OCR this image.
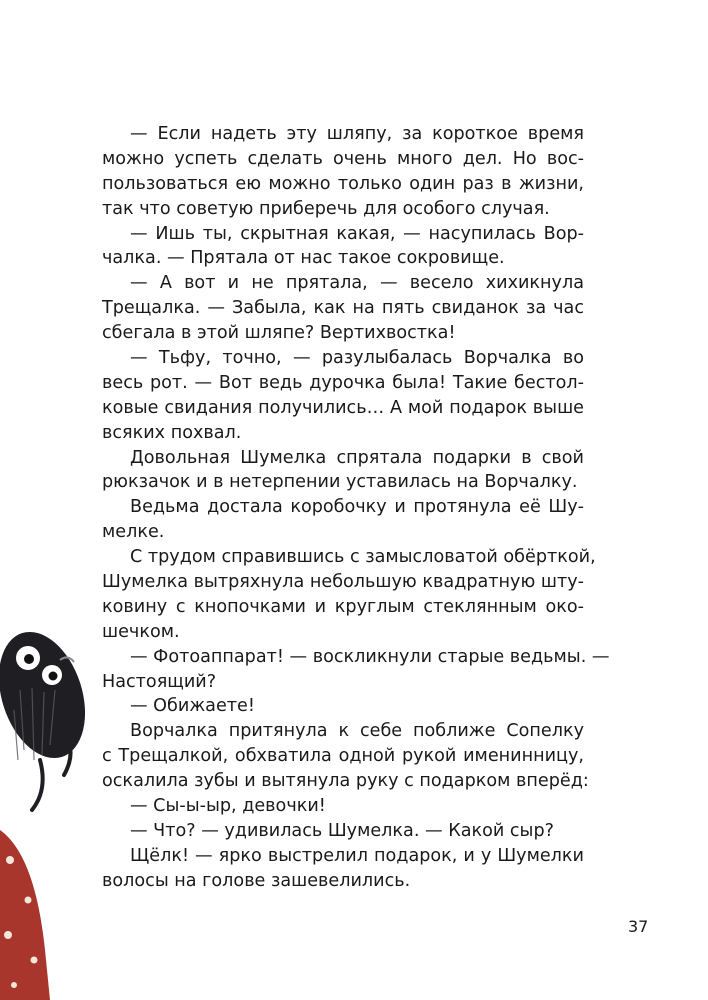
— Если надеть эту шляпу, за короткое время
можно успеть сделать очень много дел. Но вос-
пользоваться ею можно только один раз в жизни,
так что советую приберечь для особого случая.
— Ишь ты, скрытная какая, — насупилась Вор-
чалка. — Прятала от нас такое сокровище.
— А вот и не прятала, — весело хихикнула
Трещалка. — Забыла, как на пять свиданок за час
сбегала в этой шляпе? Вертихвостка!
— Тьфу, точно, — разулыбалась Ворчалка во
весь рот. — Вот ведь дурочка была! Такие бестол-
ковые свидания получились… А мой подарок выше
всяких похвал.
Довольная Шумелка спрятала подарки в свой
рюкзачок и в нетерпении уставилась на Ворчалку.
Ведьма достала коробочку и протянула её Шу-
мелке.
С трудом справившись с замысловатой обёрткой,
Шумелка вытряхнула небольшую квадратную шту-
ковину с кнопочками и круглым стеклянным око-
шечком.
— Фотоаппарат! — воскликнули старые ведьмы. —
Настоящий?
— Обижаете!
Ворчалка притянула к себе поближе Сопелку
с Трещалкой, обхватила одной рукой именинницу,
оскалила зубы и вытянула руку с подарком вперёд:
— Сы-ы-ыр, девочки!
— Что? — удивилась Шумелка. — Какой сыр?
Щёлк! — ярко выстрелил подарок, и у Шумелки
волосы на голове зашевелились.
37
